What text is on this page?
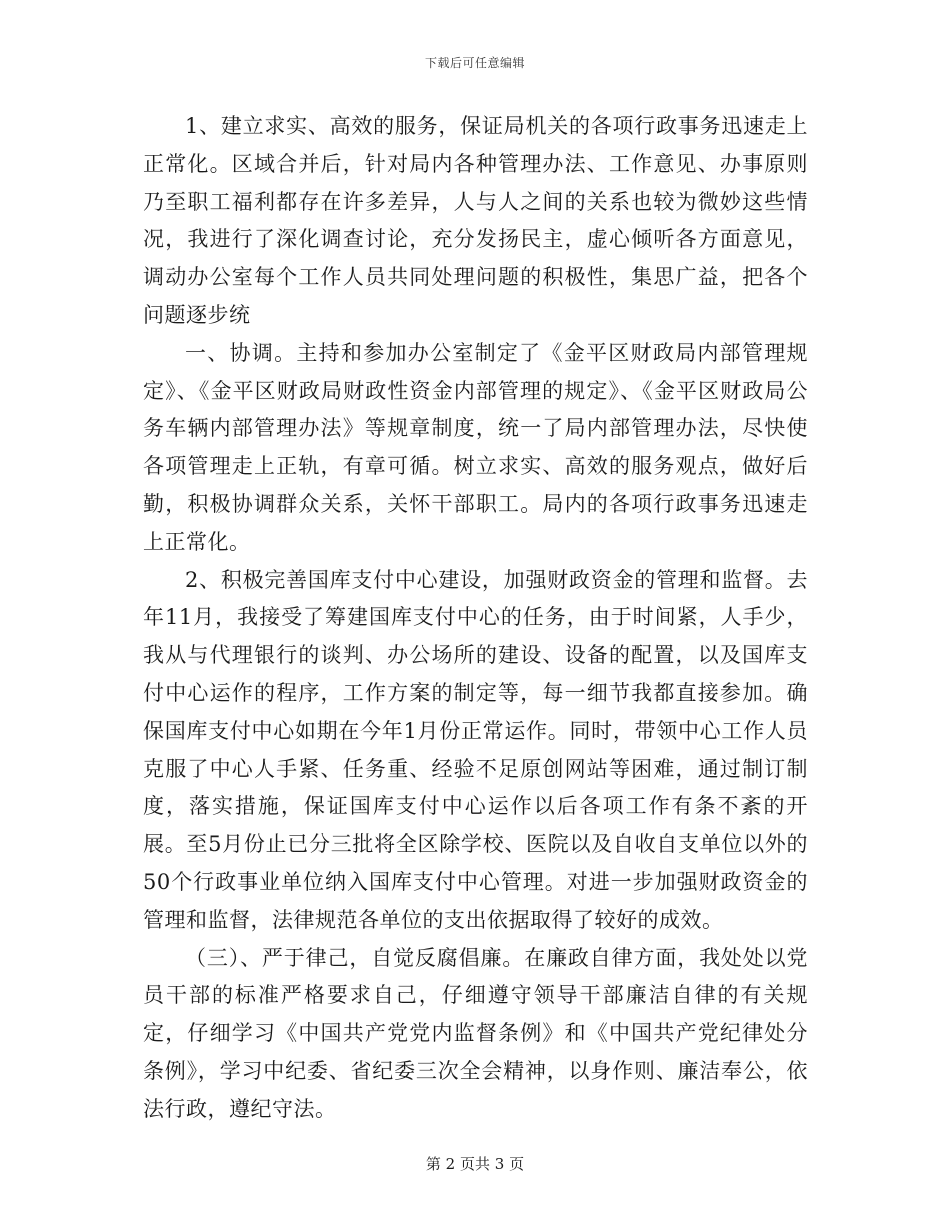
下载后可任意编辑

1、建立求实、高效的服务，保证局机关的各项行政事务迅速走上正常化。区域合并后，针对局内各种管理办法、工作意见、办事原则乃至职工福利都存在许多差异，人与人之间的关系也较为微妙这些情况，我进行了深化调查讨论，充分发扬民主，虚心倾听各方面意见，调动办公室每个工作人员共同处理问题的积极性，集思广益，把各个问题逐步统

一、协调。主持和参加办公室制定了《金平区财政局内部管理规定》、《金平区财政局财政性资金内部管理的规定》、《金平区财政局公务车辆内部管理办法》等规章制度，统一了局内部管理办法，尽快使各项管理走上正轨，有章可循。树立求实、高效的服务观点，做好后勤，积极协调群众关系，关怀干部职工。局内的各项行政事务迅速走上正常化。

2、积极完善国库支付中心建设，加强财政资金的管理和监督。去年11月，我接受了筹建国库支付中心的任务，由于时间紧，人手少，我从与代理银行的谈判、办公场所的建设、设备的配置，以及国库支付中心运作的程序，工作方案的制定等，每一细节我都直接参加。确保国库支付中心如期在今年1月份正常运作。同时，带领中心工作人员克服了中心人手紧、任务重、经验不足原创网站等困难，通过制订制度，落实措施，保证国库支付中心运作以后各项工作有条不紊的开展。至5月份止已分三批将全区除学校、医院以及自收自支单位以外的50个行政事业单位纳入国库支付中心管理。对进一步加强财政资金的管理和监督，法律规范各单位的支出依据取得了较好的成效。

（三）、严于律己，自觉反腐倡廉。在廉政自律方面，我处处以党员干部的标准严格要求自己，仔细遵守领导干部廉洁自律的有关规定，仔细学习《中国共产党党内监督条例》和《中国共产党纪律处分条例》，学习中纪委、省纪委三次全会精神，以身作则、廉洁奉公，依法行政，遵纪守法。

第 2 页共 3 页
